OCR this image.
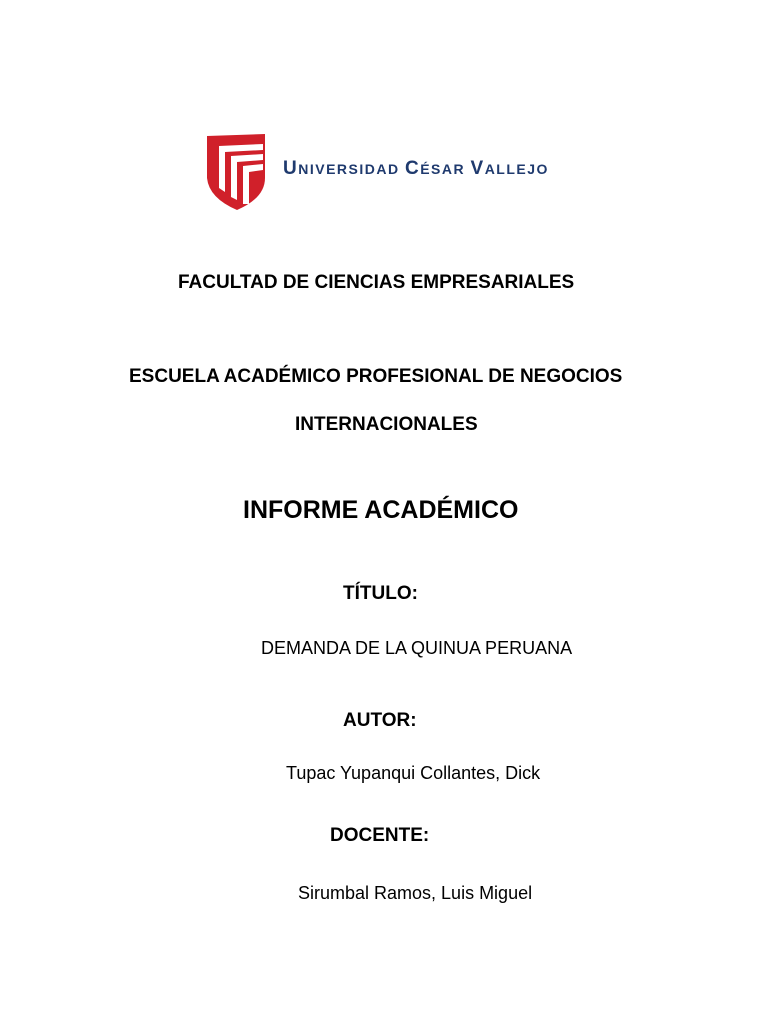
UNIVERSIDAD CÉSAR VALLEJO
FACULTAD DE CIENCIAS EMPRESARIALES
ESCUELA ACADÉMICO PROFESIONAL DE NEGOCIOS
INTERNACIONALES
INFORME ACADÉMICO
TÍTULO:
DEMANDA DE LA QUINUA PERUANA
AUTOR:
Tupac Yupanqui Collantes, Dick
DOCENTE:
Sirumbal Ramos, Luis Miguel
